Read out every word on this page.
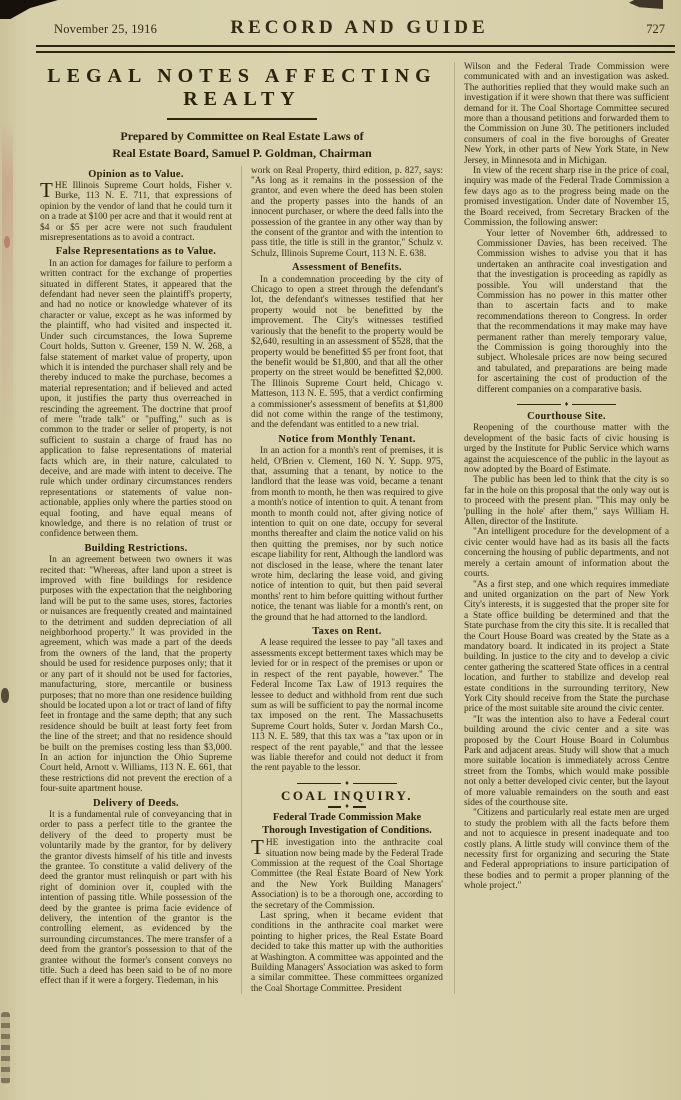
November 25, 1916	RECORD AND GUIDE	727
LEGAL NOTES AFFECTING REALTY

Prepared by Committee on Real Estate Laws of
Real Estate Board, Samuel P. Goldman, Chairman

Opinion as to Value.

THE Illinois Supreme Court holds, Fisher v. Burke, 113 N. E. 711, that expressions of opinion by the vendor of land that he could turn it on a trade at $100 per acre and that it would rent at $4 or $5 per acre were not such fraudulent misrepresentations as to avoid a contract.

False Representations as to Value.

In an action for damages for failure to perform a written contract for the exchange of properties situated in different States, it appeared that the defendant had never seen the plaintiff's property, and had no notice or knowledge whatever of its character or value, except as he was informed by the plaintiff, who had visited and inspected it. Under such circumstances, the Iowa Supreme Court holds, Sutton v. Greener, 159 N. W. 268, a false statement of market value of property, upon which it is intended the purchaser shall rely and be thereby induced to make the purchase, becomes a material representation; and if believed and acted upon, it justifies the party thus overreached in rescinding the agreement. The doctrine that proof of mere "trade talk" or "puffing," such as is common to the trader or seller of property, is not sufficient to sustain a charge of fraud has no application to false representations of material facts which are, in their nature, calculated to deceive, and are made with intent to deceive. The rule which under ordinary circumstances renders representations or statements of value non-actionable, applies only where the parties stood on equal footing, and have equal means of knowledge, and there is no relation of trust or confidence between them.

Building Restrictions.

In an agreement between two owners it was recited that: "Whereas, after land upon a street is improved with fine buildings for residence purposes with the expectation that the neighboring land will be put to the same uses, stores, factories or nuisances are frequently created and maintained to the detriment and sudden depreciation of all neighborhood property." It was provided in the agreement, which was made a part of the deeds from the owners of the land, that the property should be used for residence purposes only; that it or any part of it should not be used for factories, manufacturing, store, mercantile or business purposes; that no more than one residence building should be located upon a lot or tract of land of fifty feet in frontage and the same depth; that any such residence should be built at least forty feet from the line of the street; and that no residence should be built on the premises costing less than $3,000. In an action for injunction the Ohio Supreme Court held, Arnott v. Williams, 113 N. E. 661, that these restrictions did not prevent the erection of a four-suite apartment house.

Delivery of Deeds.

It is a fundamental rule of conveyancing that in order to pass a perfect title to the grantee the delivery of the deed to property must be voluntarily made by the grantor, for by delivery the grantor divests himself of his title and invests the grantee. To constitute a valid delivery of the deed the grantor must relinquish or part with his right of dominion over it, coupled with the intention of passing title. While possession of the deed by the grantee is prima facie evidence of delivery, the intention of the grantor is the controlling element, as evidenced by the surrounding circumstances. The mere transfer of a deed from the grantor's possession to that of the grantee without the former's consent conveys no title. Such a deed has been said to be of no more effect than if it were a forgery. Tiedeman, in his

work on Real Property, third edition, p. 827, says: "As long as it remains in the possession of the grantor, and even where the deed has been stolen and the property passes into the hands of an innocent purchaser, or where the deed falls into the possession of the grantee in any other way than by the consent of the grantor and with the intention to pass title, the title is still in the grantor," Schulz v. Schulz, Illinois Supreme Court, 113 N. E. 638.

Assessment of Benefits.

In a condemnation proceeding by the city of Chicago to open a street through the defendant's lot, the defendant's witnesses testified that her property would not be benefitted by the improvement. The City's witnesses testified variously that the benefit to the property would be $2,640, resulting in an assessment of $528, that the property would be benefitted $5 per front foot, that the benefit would be $1,800, and that all the other property on the street would be benefitted $2,000. The Illinois Supreme Court held, Chicago v. Matteson, 113 N. E. 595, that a verdict confirming a commissioner's assessment of benefits at $1,800 did not come within the range of the testimony, and the defendant was entitled to a new trial.

Notice from Monthly Tenant.

In an action for a month's rent of premises, it is held, O'Brien v. Clement, 160 N. Y. Supp. 975, that, assuming that a tenant, by notice to the landlord that the lease was void, became a tenant from month to month, he then was required to give a month's notice of intention to quit. A tenant from month to month could not, after giving notice of intention to quit on one date, occupy for several months thereafter and claim the notice valid on his then quitting the premises, nor by such notice escape liability for rent, Although the landlord was not disclosed in the lease, where the tenant later wrote him, declaring the lease void, and giving notice of intention to quit, but then paid several months' rent to him before quitting without further notice, the tenant was liable for a month's rent, on the ground that he had attorned to the landlord.

Taxes on Rent.

A lease required the lessee to pay "all taxes and assessments except betterment taxes which may be levied for or in respect of the premises or upon or in respect of the rent payable, however." The Federal Income Tax Law of 1913 requires the lessee to deduct and withhold from rent due such sum as will be sufficient to pay the normal income tax imposed on the rent. The Massachusetts Supreme Court holds, Suter v. Jordan Marsh Co., 113 N. E. 589, that this tax was a "tax upon or in respect of the rent payable," and that the lessee was liable therefor and could not deduct it from the rent payable to the lessor.

♦
COAL INQUIRY.
♦
Federal Trade Commission Make Thorough Investigation of Conditions.

THE investigation into the anthracite coal situation now being made by the Federal Trade Commission at the request of the Coal Shortage Committee (the Real Estate Board of New York and the New York Building Managers' Association) is to be a thorough one, according to the secretary of the Commission.

Last spring, when it became evident that conditions in the anthracite coal market were pointing to higher prices, the Real Estate Board decided to take this matter up with the authorities at Washington. A committee was appointed and the Building Managers' Association was asked to form a similar committee. These committees organized the Coal Shortage Committee. President

Wilson and the Federal Trade Commission were communicated with and an investigation was asked. The authorities replied that they would make such an investigation if it were shown that there was sufficient demand for it. The Coal Shortage Committee secured more than a thousand petitions and forwarded them to the Commission on June 30. The petitioners included consumers of coal in the five boroughs of Greater New York, in other parts of New York State, in New Jersey, in Minnesota and in Michigan.

In view of the recent sharp rise in the price of coal, inquiry was made of the Federal Trade Commission a few days ago as to the progress being made on the promised investigation. Under date of November 15, the Board received, from Secretary Bracken of the Commission, the following answer:

Your letter of November 6th, addressed to Commissioner Davies, has been received. The Commission wishes to advise you that it has undertaken an anthracite coal investigation and that the investigation is proceeding as rapidly as possible. You will understand that the Commission has no power in this matter other than to ascertain facts and to make recommendations thereon to Congress. In order that the recommendations it may make may have permanent rather than merely temporary value, the Commission is going thoroughly into the subject. Wholesale prices are now being secured and tabulated, and preparations are being made for ascertaining the cost of production of the different companies on a comparative basis.

♦
Courthouse Site.

Reopening of the courthouse matter with the development of the basic facts of civic housing is urged by the Institute for Public Service which warns against the acquiescence of the public in the layout as now adopted by the Board of Estimate.

The public has been led to think that the city is so far in the hole on this proposal that the only way out is to proceed with the present plan. "This may only be 'pulling in the hole' after them," says William H. Allen, director of the Institute.

"An intelligent procedure for the development of a civic center would have had as its basis all the facts concerning the housing of public departments, and not merely a certain amount of information about the courts.

"As a first step, and one which requires immediate and united organization on the part of New York City's interests, it is suggested that the proper site for a State office building be determined and that the State purchase from the city this site. It is recalled that the Court House Board was created by the State as a mandatory board. It indicated in its project a State building. In justice to the city and to develop a civic center gathering the scattered State offices in a central location, and further to stabilize and develop real estate conditions in the surrounding territory, New York City should receive from the State the purchase price of the most suitable site around the civic center.

"It was the intention also to have a Federal court building around the civic center and a site was proposed by the Court House Board in Columbus Park and adjacent areas. Study will show that a much more suitable location is immediately across Centre street from the Tombs, which would make possible not only a better developed civic center, but the layout of more valuable remainders on the south and east sides of the courthouse site.

"Citizens and particularly real estate men are urged to study the problem with all the facts before them and not to acquiesce in present inadequate and too costly plans. A little study will convince them of the necessity first for organizing and securing the State and Federal appropriations to insure participation of these bodies and to permit a proper planning of the whole project."
